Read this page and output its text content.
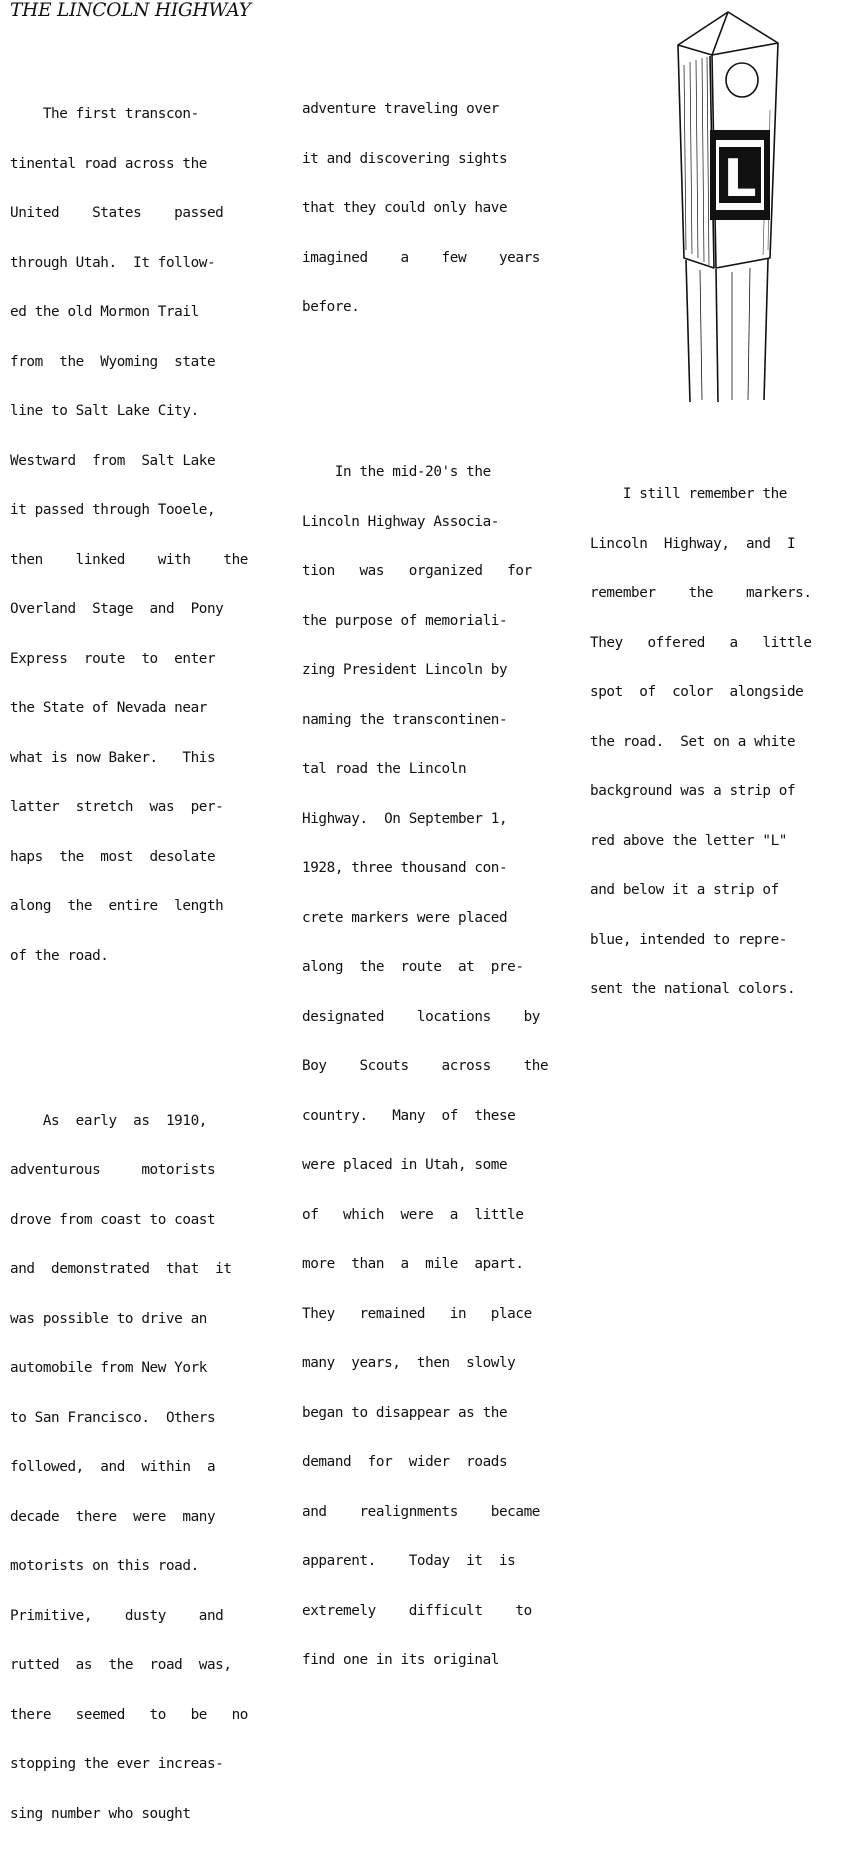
THE LINCOLN HIGHWAY

The first transcon-

tinental road across the

United    States    passed

through Utah.  It follow-

ed the old Mormon Trail

from  the  Wyoming  state

line to Salt Lake City.

Westward  from  Salt Lake

it passed through Tooele,

then    linked    with    the

Overland  Stage  and  Pony

Express  route  to  enter

the State of Nevada near

what is now Baker.   This

latter  stretch  was  per-

haps  the  most  desolate

along  the  entire  length

of the road.

As  early  as  1910,

adventurous     motorists

drove from coast to coast

and  demonstrated  that  it

was possible to drive an

automobile from New York

to San Francisco.  Others

followed,  and  within  a

decade  there  were  many

motorists on this road.

Primitive,    dusty    and

rutted  as  the  road  was,

there   seemed   to   be   no

stopping the ever increas-

sing number who sought

adventure traveling over

it and discovering sights

that they could only have

imagined    a    few    years

before.

In the mid-20's the

Lincoln Highway Associa-

tion   was   organized   for

the purpose of memoriali-

zing President Lincoln by

naming the transcontinen-

tal road the Lincoln

Highway.  On September 1,

1928, three thousand con-

crete markers were placed

along  the  route  at  pre-

designated    locations    by

Boy    Scouts    across    the

country.   Many  of  these

were placed in Utah, some

of   which  were  a  little

more  than  a  mile  apart.

They   remained   in   place

many  years,  then  slowly

began to disappear as the

demand  for  wider  roads

and    realignments    became

apparent.    Today  it  is

extremely    difficult    to

find one in its original

I still remember the

Lincoln  Highway,  and  I

remember    the    markers.

They   offered   a   little

spot  of  color  alongside

the road.  Set on a white

background was a strip of

red above the letter "L"

and below it a strip of

blue, intended to repre-

sent the national colors.

L
